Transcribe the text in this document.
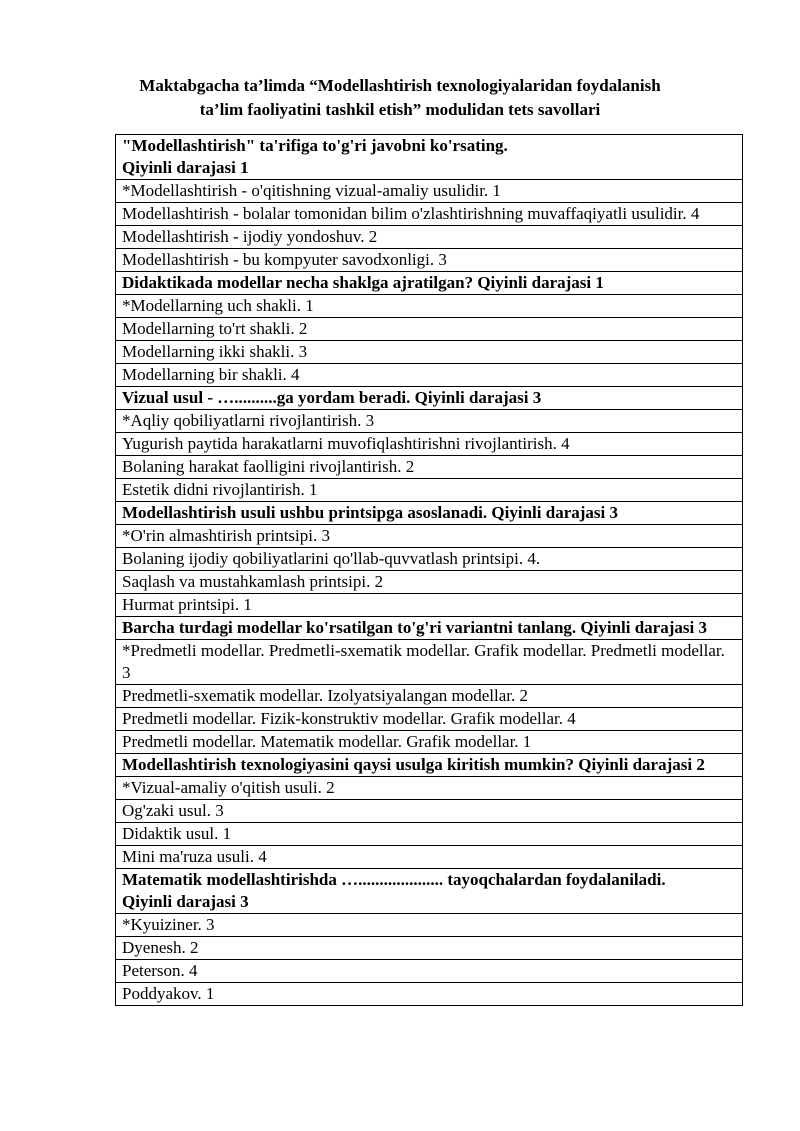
Maktabgacha ta’limda “Modellashtirish texnologiyalaridan foydalanish
ta’lim faoliyatini tashkil etish” modulidan tets savollari
"Modellashtirish" ta'rifiga to'g'ri javobni ko'rsating.
Qiyinli darajasi 1

*Modellashtirish - o'qitishning vizual-amaliy usulidir. 1
Modellashtirish - bolalar tomonidan bilim o'zlashtirishning muvaffaqiyatli usulidir. 4
Modellashtirish - ijodiy yondoshuv. 2
Modellashtirish - bu kompyuter savodxonligi. 3
Didaktikada modellar necha shaklga ajratilgan? Qiyinli darajasi 1
*Modellarning uch shakli. 1
Modellarning to'rt shakli. 2
Modellarning ikki shakli. 3
Modellarning bir shakli. 4
Vizual usul - …..........ga yordam beradi. Qiyinli darajasi 3
*Aqliy qobiliyatlarni rivojlantirish. 3
Yugurish paytida harakatlarni muvofiqlashtirishni rivojlantirish. 4
Bolaning harakat faolligini rivojlantirish. 2
Estetik didni rivojlantirish. 1
Modellashtirish usuli ushbu printsipga asoslanadi. Qiyinli darajasi 3
*O'rin almashtirish printsipi. 3
Bolaning ijodiy qobiliyatlarini qo'llab-quvvatlash printsipi. 4.
Saqlash va mustahkamlash printsipi. 2
Hurmat printsipi. 1
Barcha turdagi modellar ko'rsatilgan to'g'ri variantni tanlang. Qiyinli darajasi 3
*Predmetli modellar. Predmetli-sxematik modellar. Grafik modellar. Predmetli modellar. 3
Predmetli-sxematik modellar. Izolyatsiyalangan modellar. 2
Predmetli modellar. Fizik-konstruktiv modellar. Grafik modellar. 4
Predmetli modellar. Matematik modellar. Grafik modellar. 1
Modellashtirish texnologiyasini qaysi usulga kiritish mumkin? Qiyinli darajasi 2
*Vizual-amaliy o'qitish usuli. 2
Og'zaki usul. 3
Didaktik usul. 1
Mini ma'ruza usuli. 4

Matematik modellashtirishda ….................... tayoqchalardan foydalaniladi.
Qiyinli darajasi 3

*Kyuiziner. 3
Dyenesh. 2
Peterson. 4
Poddyakov. 1
